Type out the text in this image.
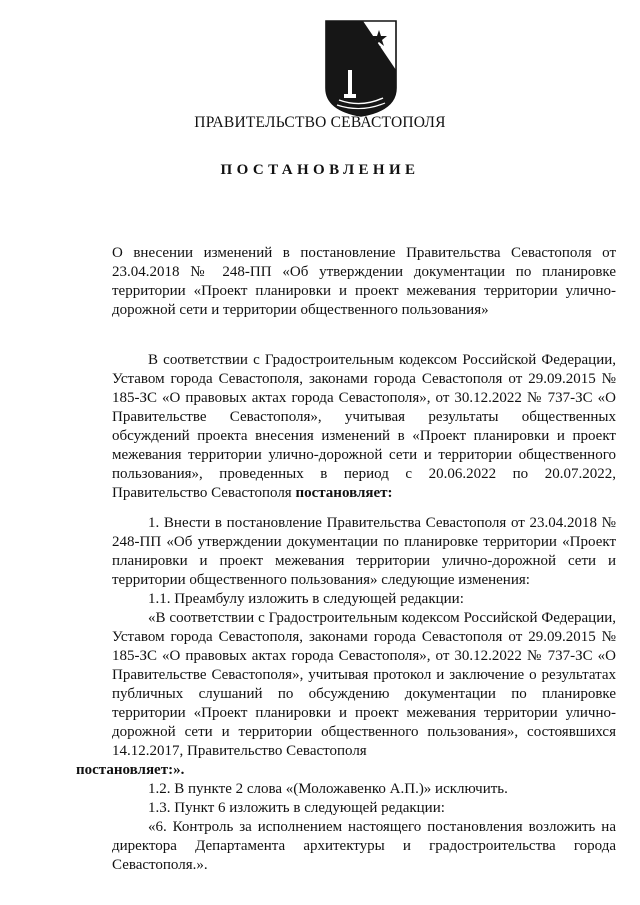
ПРАВИТЕЛЬСТВО СЕВАСТОПОЛЯ
ПОСТАНОВЛЕНИЕ
О внесении изменений в постановление Правительства Севастополя от 23.04.2018 № 248-ПП «Об утверждении документации по планировке территории «Проект планировки и проект межевания территории улично-дорожной сети и территории общественного пользования»
В соответствии с Градостроительным кодексом Российской Федерации, Уставом города Севастополя, законами города Севастополя от 29.09.2015 № 185-ЗС «О правовых актах города Севастополя», от 30.12.2022 № 737-ЗС «О Правительстве Севастополя», учитывая результаты общественных обсуждений проекта внесения изменений в «Проект планировки и проект межевания территории улично-дорожной сети и территории общественного пользования», проведенных в период с 20.06.2022 по 20.07.2022, Правительство Севастополя постановляет:

1. Внести в постановление Правительства Севастополя от 23.04.2018 № 248-ПП «Об утверждении документации по планировке территории «Проект планировки и проект межевания территории улично-дорожной сети и территории общественного пользования» следующие изменения:

1.1. Преамбулу изложить в следующей редакции:

«В соответствии с Градостроительным кодексом Российской Федерации, Уставом города Севастополя, законами города Севастополя от 29.09.2015 № 185-ЗС «О правовых актах города Севастополя», от 30.12.2022 № 737-ЗС «О Правительстве Севастополя», учитывая протокол и заключение о результатах публичных слушаний по обсуждению документации по планировке территории «Проект планировки и проект межевания территории улично-дорожной сети и территории общественного пользования», состоявшихся 14.12.2017, Правительство Севастополя
постановляет:».

1.2. В пункте 2 слова «(Моложавенко А.П.)» исключить.

1.3. Пункт 6 изложить в следующей редакции:

«6. Контроль за исполнением настоящего постановления возложить на директора Департамента архитектуры и градостроительства города Севастополя.».
